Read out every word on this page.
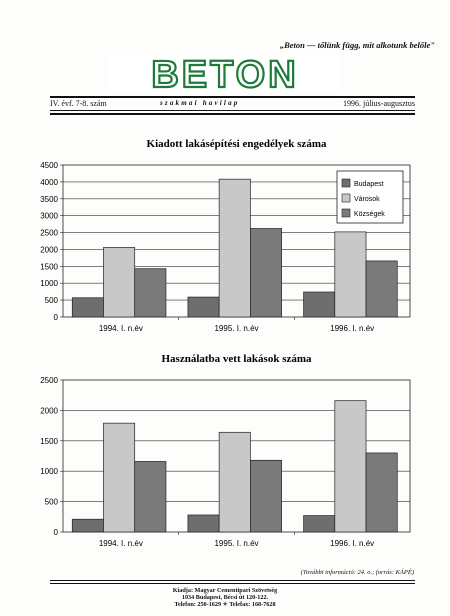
„Beton — tőlünk függ, mit alkotunk belőle"
BETON
IV. évf. 7-8. szám	szakmai havilap	1996. július-augusztus
Kiadott lakásépítési engedélyek száma
0
500
1000
1500
2000
2500
3000
3500
4000
4500
1994. I. n.év	1995. I. n.év	1996. I. n.év
Budapest
Városok
Községek
Használatba vett lakások száma
0
500
1000
1500
2000
2500
1994. I. n.év	1995. I. n.év	1996. I. n.év
(További információ: 24. o.; forrás: KÁPÉ)
Kiadja: Magyar Cementipari Szövetség
1034 Budapest, Bécsi út 120-122.
Telefon: 250-1629 ✧ Telefax: 168-7628
